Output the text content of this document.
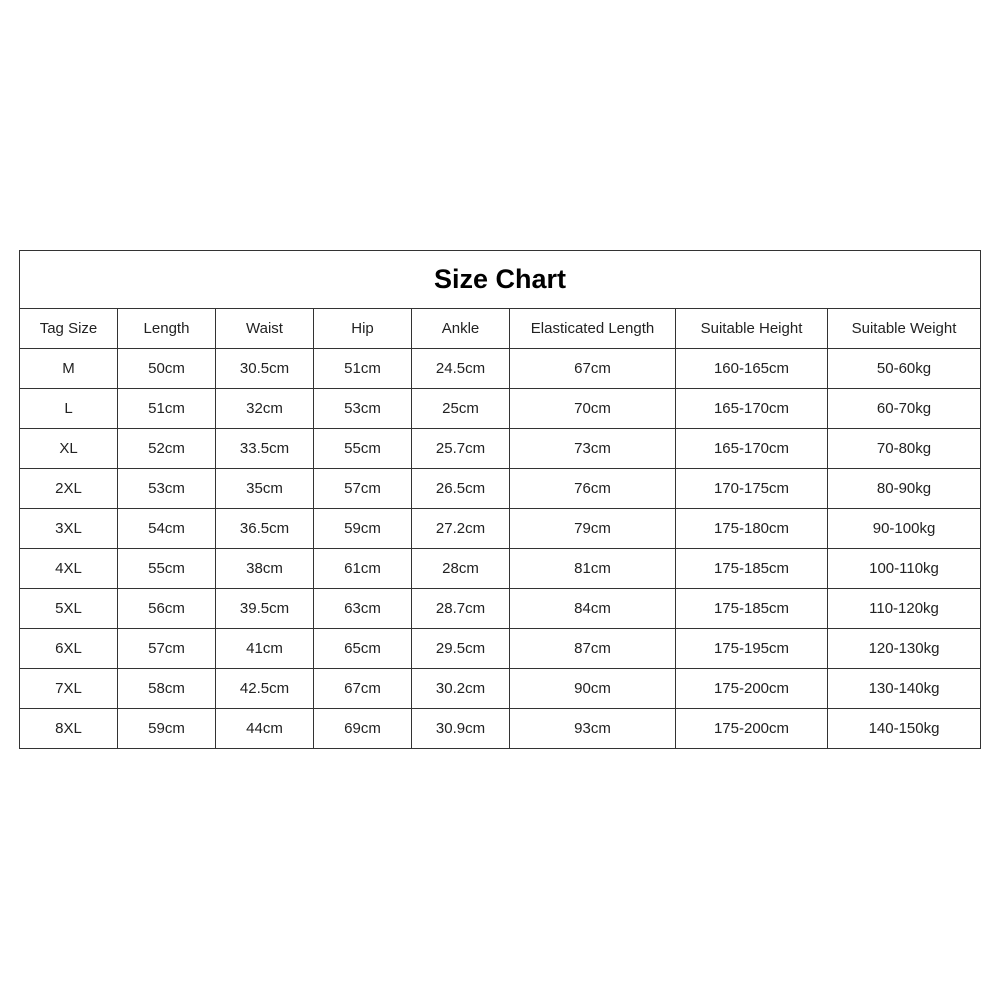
Size Chart							
Tag Size	Length	Waist	Hip	Ankle	Elasticated Length	Suitable Height	Suitable Weight
M	50cm	30.5cm	51cm	24.5cm	67cm	160-165cm	50-60kg
L	51cm	32cm	53cm	25cm	70cm	165-170cm	60-70kg
XL	52cm	33.5cm	55cm	25.7cm	73cm	165-170cm	70-80kg
2XL	53cm	35cm	57cm	26.5cm	76cm	170-175cm	80-90kg
3XL	54cm	36.5cm	59cm	27.2cm	79cm	175-180cm	90-100kg
4XL	55cm	38cm	61cm	28cm	81cm	175-185cm	100-110kg
5XL	56cm	39.5cm	63cm	28.7cm	84cm	175-185cm	110-120kg
6XL	57cm	41cm	65cm	29.5cm	87cm	175-195cm	120-130kg
7XL	58cm	42.5cm	67cm	30.2cm	90cm	175-200cm	130-140kg
8XL	59cm	44cm	69cm	30.9cm	93cm	175-200cm	140-150kg
